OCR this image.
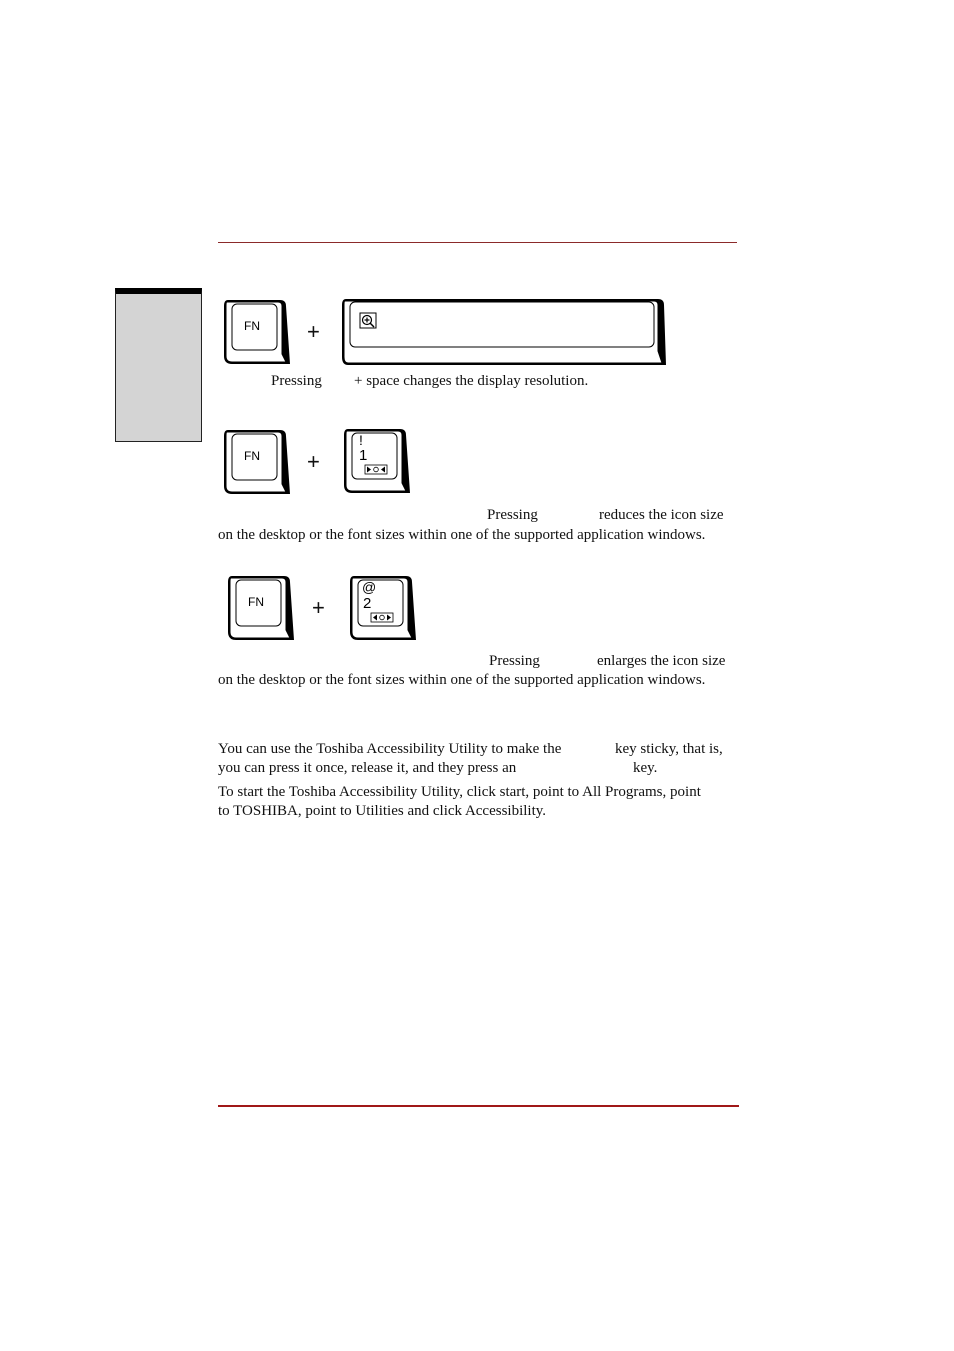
FN +
Pressing + space changes the display resolution.
FN +
!
1
Pressing	reduces the icon size
on the desktop or the font sizes within one of the supported application windows.
FN +
@
2
Pressing	enlarges the icon size
on the desktop or the font sizes within one of the supported application windows.
You can use the Toshiba Accessibility Utility to make the	key sticky, that is,
you can press it once, release it, and they press an	key.
To start the Toshiba Accessibility Utility, click start, point to All Programs, point
to TOSHIBA, point to Utilities and click Accessibility.
